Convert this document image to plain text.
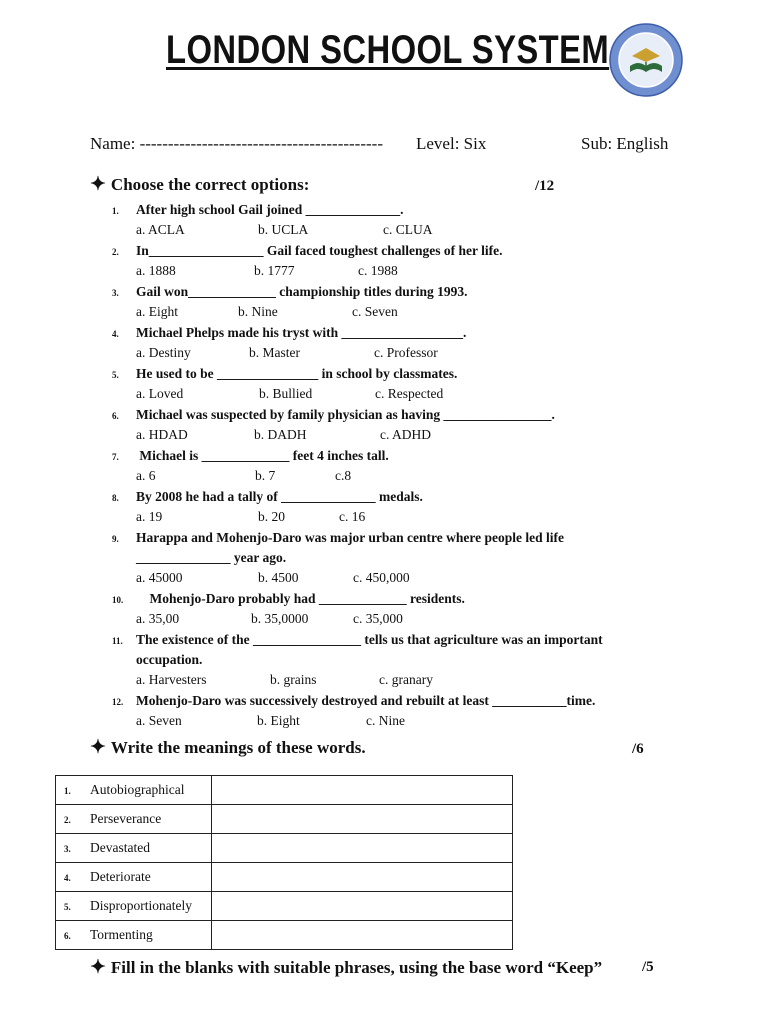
LONDON SCHOOL SYSTEM
Name: ------------------------------------------- Level: Six	Sub: English
✦ Choose the correct options:	/12
1. After high school Gail joined ______________.
a. ACLA	b. UCLA	c. CLUA
2. In_________________ Gail faced toughest challenges of her life.
a. 1888	b. 1777	c. 1988
3. Gail won_____________ championship titles during 1993.
a. Eight	b. Nine	c. Seven
4. Michael Phelps made his tryst with __________________.
a. Destiny	b. Master	c. Professor
5. He used to be _______________ in school by classmates.
a. Loved	b. Bullied	c. Respected
6. Michael was suspected by family physician as having ________________.
a. HDAD	b. DADH	c. ADHD
7. Michael is _____________ feet 4 inches tall.
a. 6	b. 7	c.8
8. By 2008 he had a tally of ______________ medals.
a. 19	b. 20	c. 16
9. Harappa and Mohenjo-Daro was major urban centre where people led life
______________ year ago.
a. 45000	b. 4500	c. 450,000
10. Mohenjo-Daro probably had _____________ residents.
a. 35,00	b. 35,0000	c. 35,000
11. The existence of the ________________ tells us that agriculture was an important
occupation.
a. Harvesters	b. grains	c. granary
12. Mohenjo-Daro was successively destroyed and rebuilt at least ___________time.
a. Seven	b. Eight	c. Nine
✦ Write the meanings of these words.	/6
1. Autobiographical	
2. Perseverance	
3. Devastated	
4. Deteriorate	
5. Disproportionately	
6. Tormenting	
✦ Fill in the blanks with suitable phrases, using the base word “Keep”	/5
